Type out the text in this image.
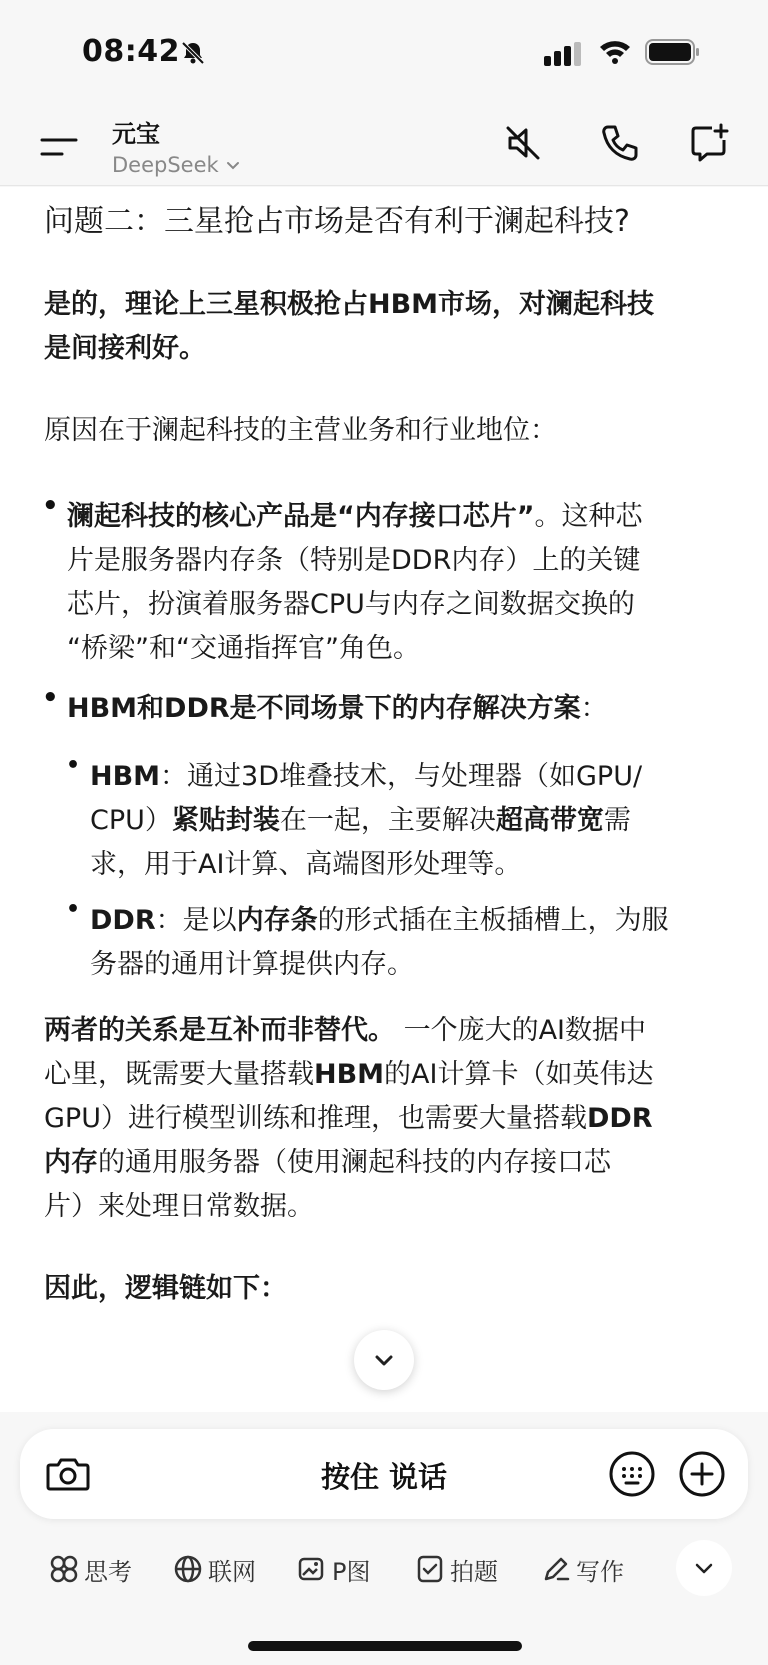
08:42
元宝
DeepSeek
问题二：三星抢占市场是否有利于澜起科技?
是的，理论上三星积极抢占HBM市场，对澜起科技
是间接利好。
原因在于澜起科技的主营业务和行业地位：
• 澜起科技的核心产品是“内存接口芯片”。这种芯
片是服务器内存条（特别是DDR内存）上的关键
芯片，扮演着服务器CPU与内存之间数据交换的
“桥梁”和“交通指挥官”角色。
• HBM和DDR是不同场景下的内存解决方案：
• HBM：通过3D堆叠技术，与处理器（如GPU/
CPU）紧贴封装在一起，主要解决超高带宽需
求，用于AI计算、高端图形处理等。
• DDR：是以内存条的形式插在主板插槽上，为服
务器的通用计算提供内存。
两者的关系是互补而非替代。 一个庞大的AI数据中
心里，既需要大量搭载HBM的AI计算卡（如英伟达
GPU）进行模型训练和推理，也需要大量搭载DDR
内存的通用服务器（使用澜起科技的内存接口芯
片）来处理日常数据。
因此，逻辑链如下：
按住 说话
思考	联网	P图	拍题	写作
